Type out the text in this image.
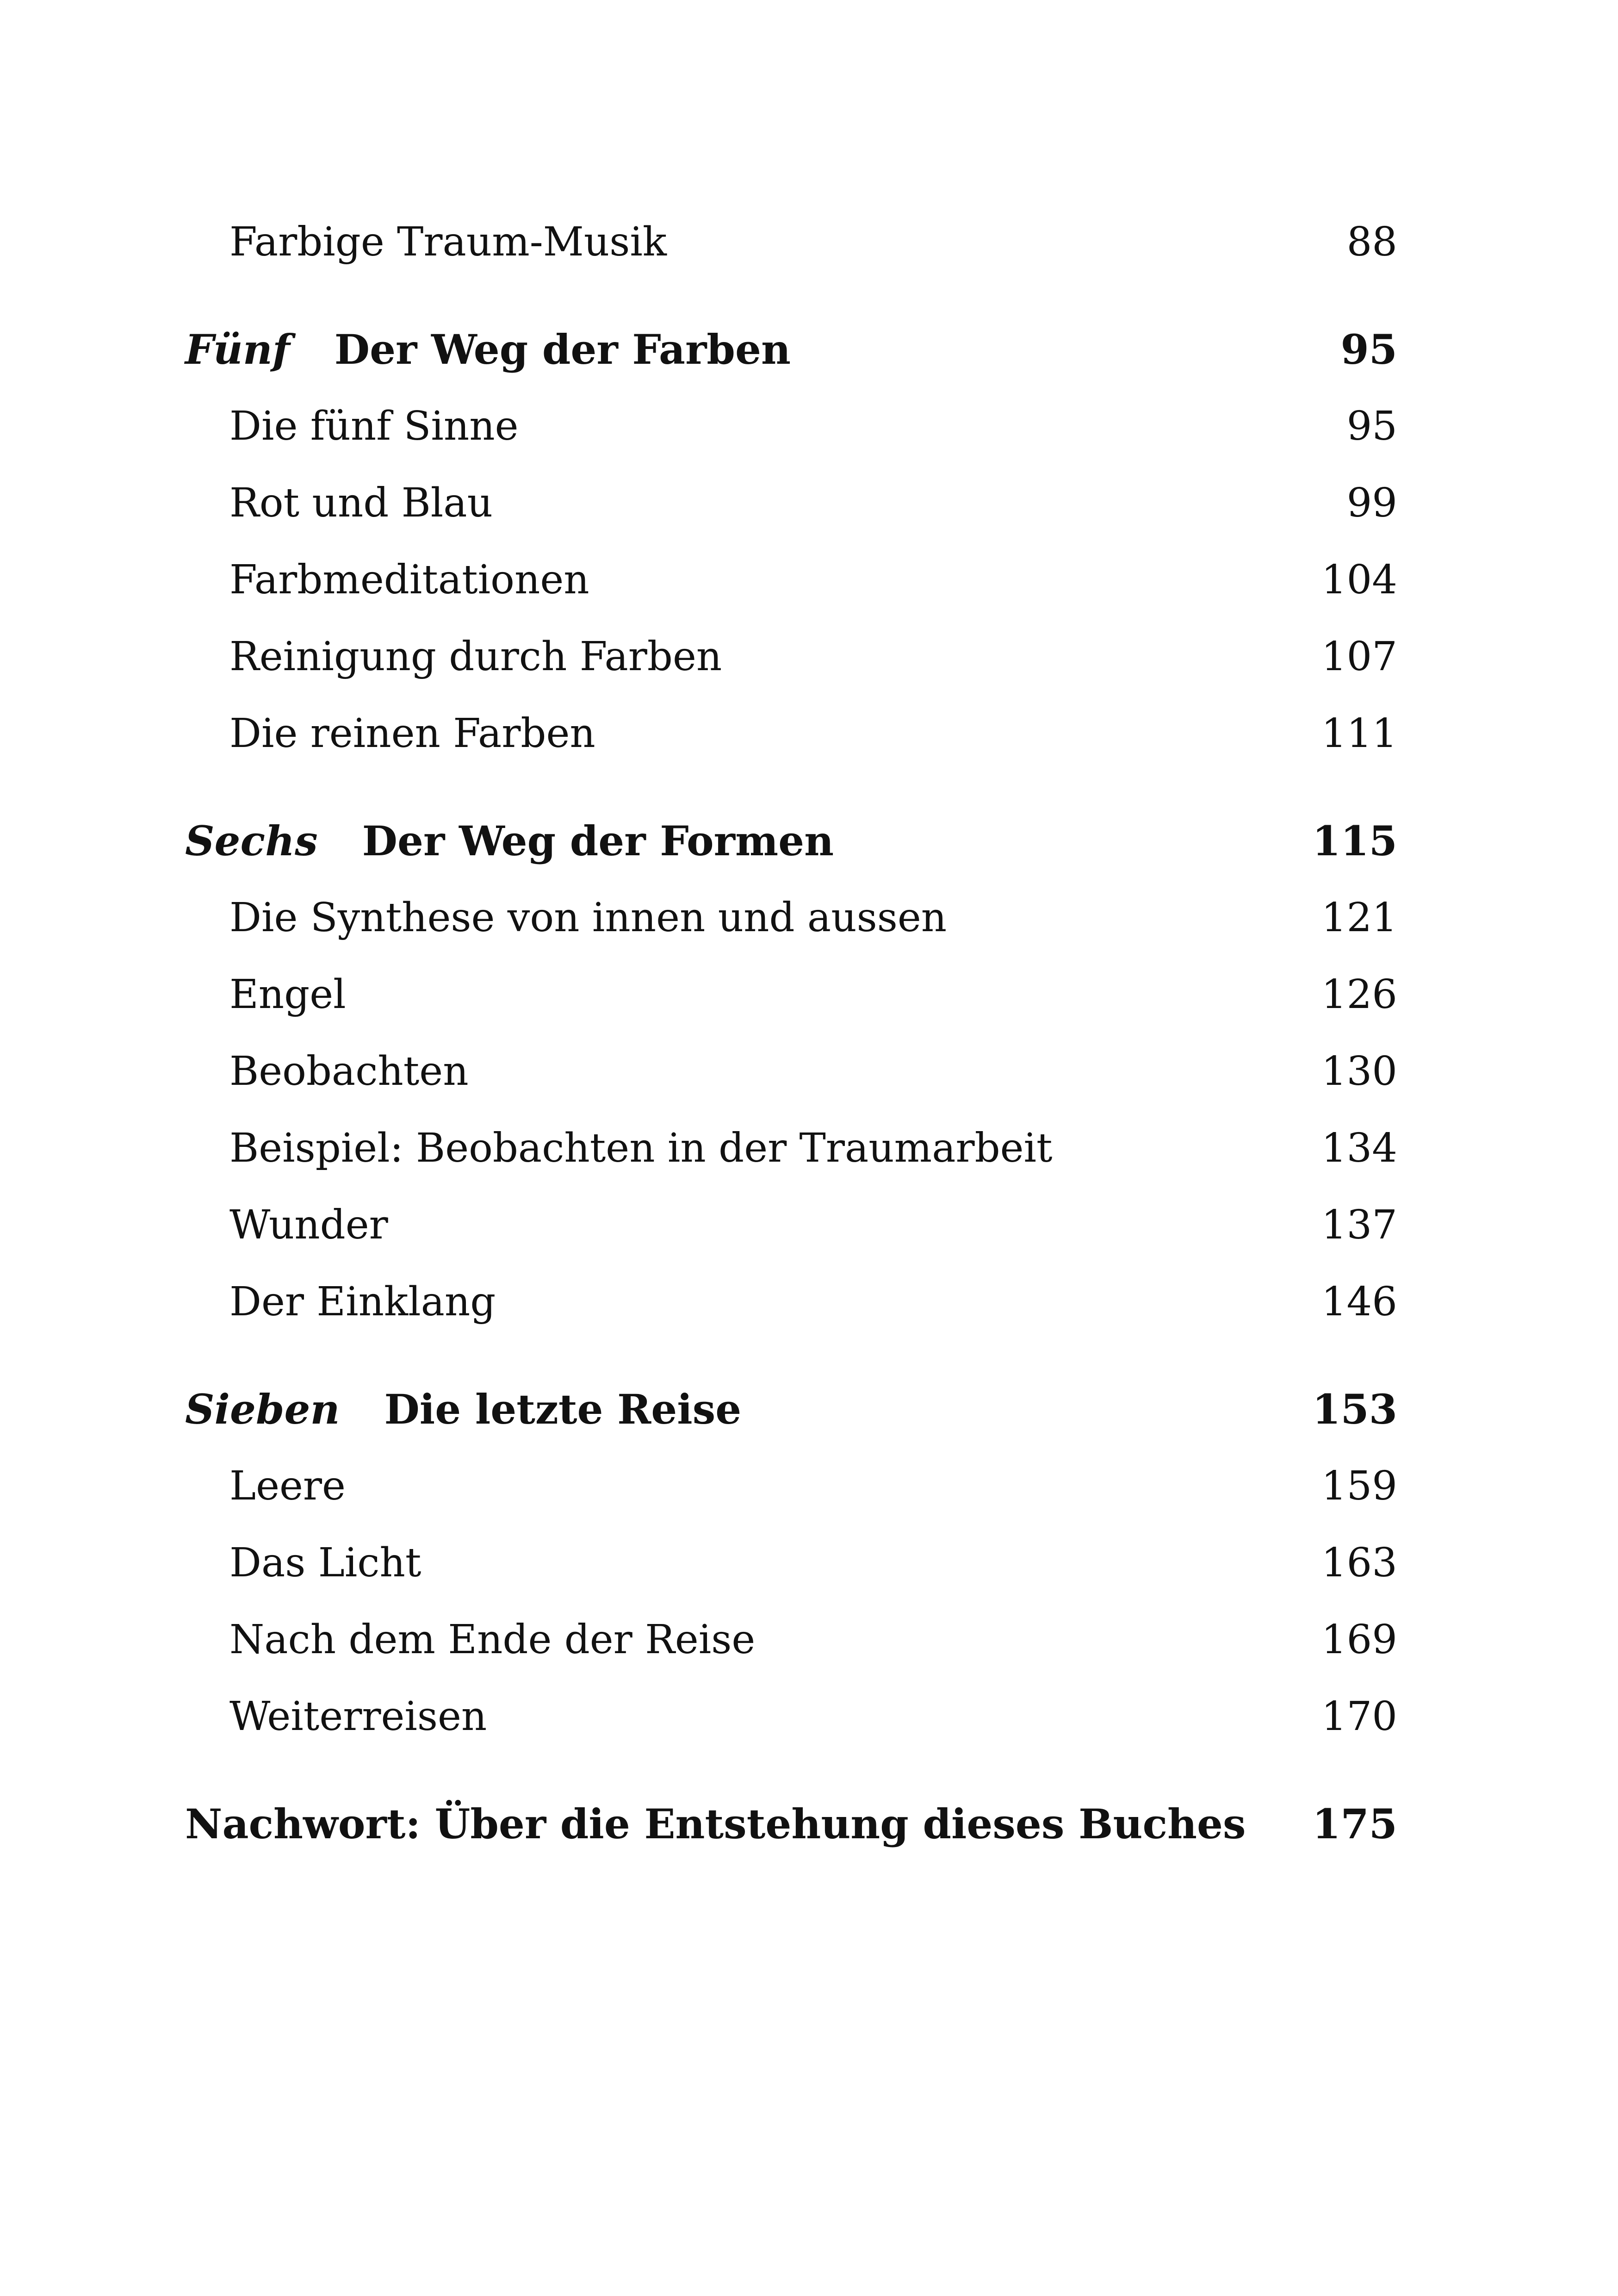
Farbige Traum-Musik	88
Fünf Der Weg der Farben	95
Die fünf Sinne	95
Rot und Blau	99
Farbmeditationen	104
Reinigung durch Farben	107
Die reinen Farben	111
Sechs Der Weg der Formen	115
Die Synthese von innen und aussen	121
Engel	126
Beobachten	130
Beispiel: Beobachten in der Traumarbeit	134
Wunder	137
Der Einklang	146
Sieben Die letzte Reise	153
Leere	159
Das Licht	163
Nach dem Ende der Reise	169
Weiterreisen	170
Nachwort: Über die Entstehung dieses Buches 175
